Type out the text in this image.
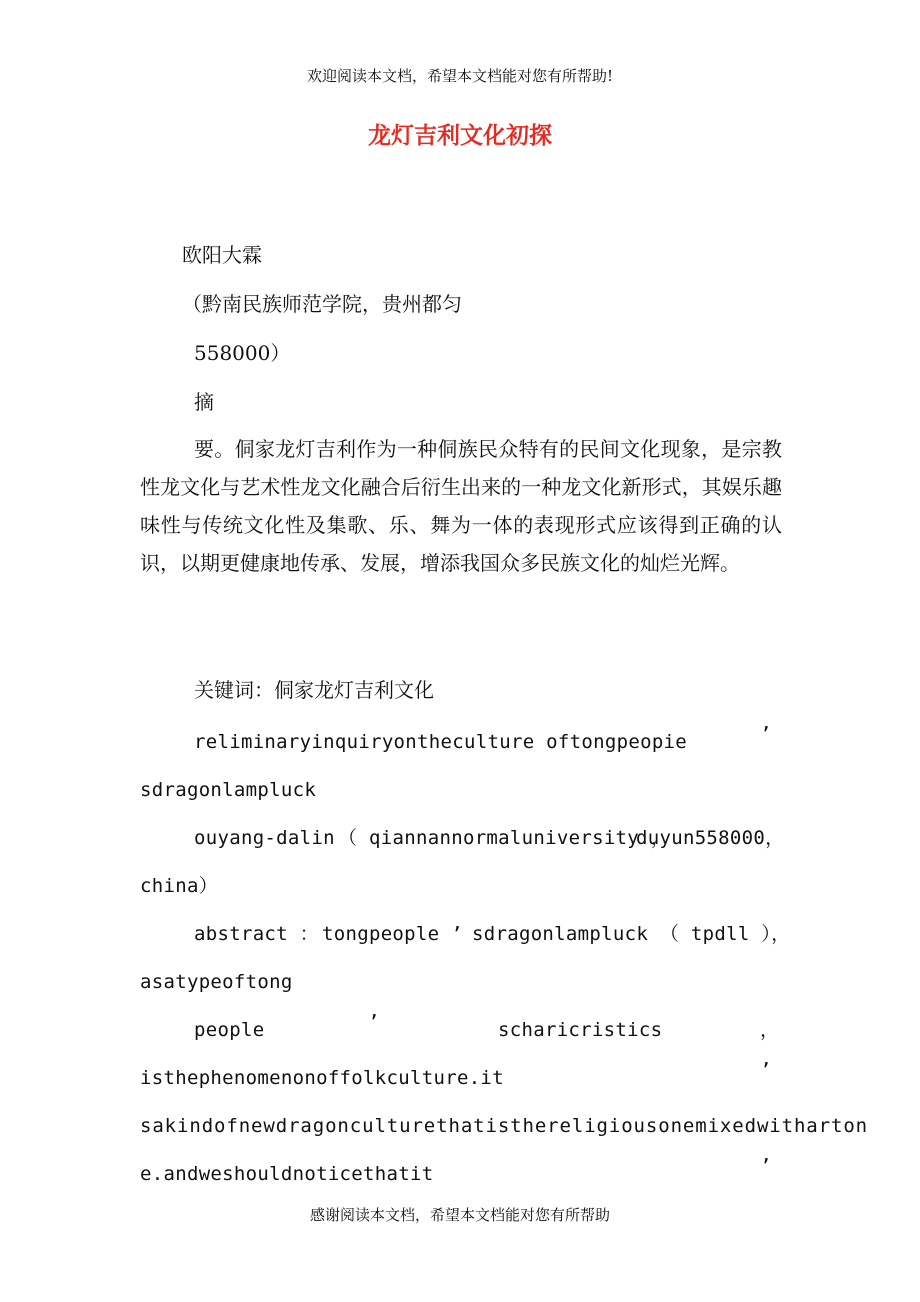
欢迎阅读本文档，希望本文档能对您有所帮助!
龙灯吉利文化初探
欧阳大霖
（黔南民族师范学院，贵州都匀
558000）
摘
要。侗家龙灯吉利作为一种侗族民众特有的民间文化现象，是宗教性龙文化与艺术性龙文化融合后衍生出来的一种龙文化新形式，其娱乐趣味性与传统文化性及集歌、乐、舞为一体的表现形式应该得到正确的认识，以期更健康地传承、发展，增添我国众多民族文化的灿烂光辉。
关键词：侗家龙灯吉利文化
reliminaryinquiryontheculture oftongpeopie	’
sdragonlampluck
ouyang-dalin （ qiannannormaluniversity ，
duyun558000，
china）
abstract ： tongpeople ’ sdragonlampluck （ tpdll ），
asatypeoftong
people	’	scharicristics	，
isthephenomenonoffolkculture.it	’
sakindofnewdragonculturethatisthereligiousonemixedwitharton
e.andweshouldnoticethatit	’
感谢阅读本文档，希望本文档能对您有所帮助
